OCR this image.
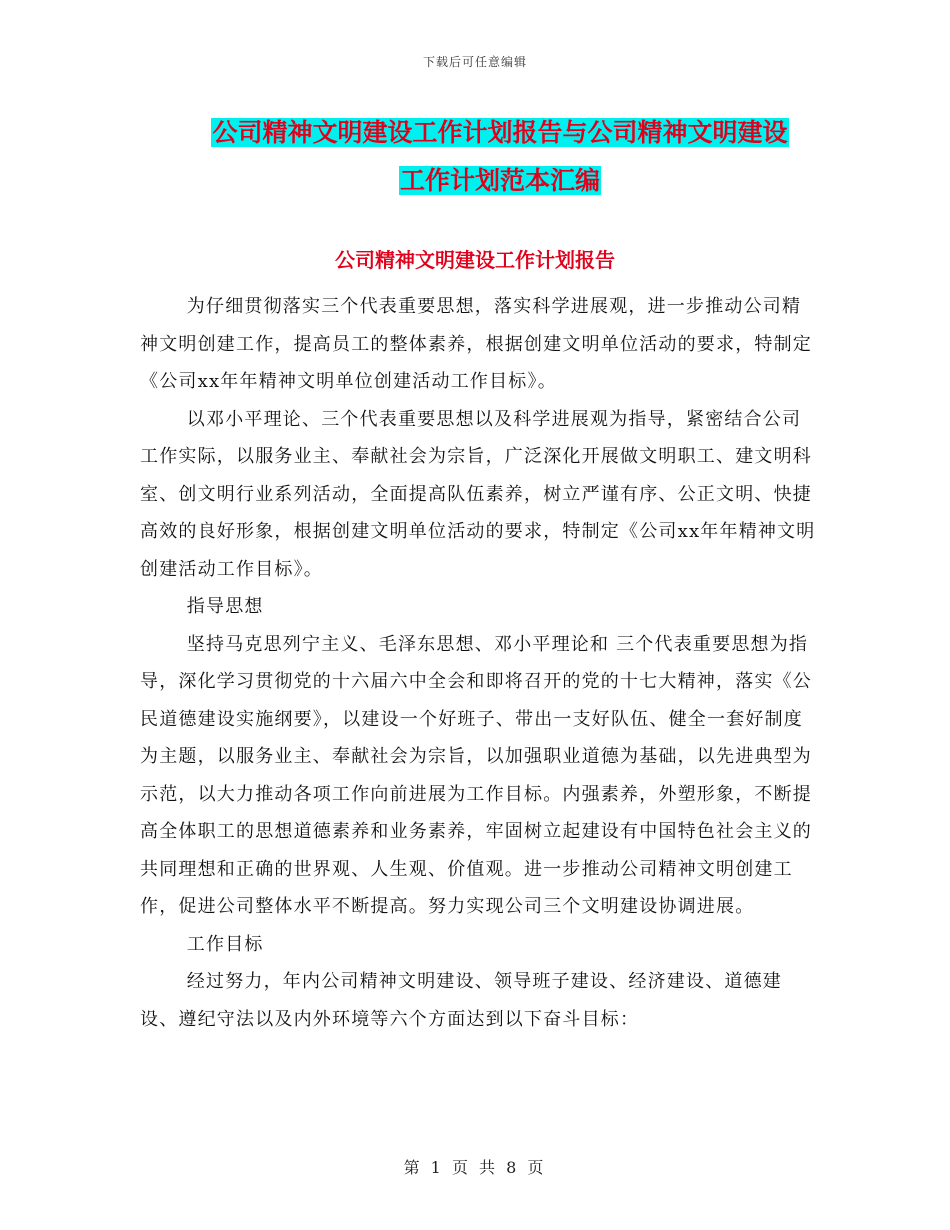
下载后可任意编辑
公司精神文明建设工作计划报告与公司精神文明建设
工作计划范本汇编
公司精神文明建设工作计划报告

为仔细贯彻落实三个代表重要思想，落实科学进展观，进一步推动公司精神文明创建工作，提高员工的整体素养，根据创建文明单位活动的要求，特制定《公司xx年年精神文明单位创建活动工作目标》。

以邓小平理论、三个代表重要思想以及科学进展观为指导，紧密结合公司工作实际，以服务业主、奉献社会为宗旨，广泛深化开展做文明职工、建文明科室、创文明行业系列活动，全面提高队伍素养，树立严谨有序、公正文明、快捷高效的良好形象，根据创建文明单位活动的要求，特制定《公司xx年年精神文明创建活动工作目标》。

指导思想

坚持马克思列宁主义、毛泽东思想、邓小平理论和 三个代表重要思想为指导，深化学习贯彻党的十六届六中全会和即将召开的党的十七大精神，落实《公民道德建设实施纲要》，以建设一个好班子、带出一支好队伍、健全一套好制度为主题，以服务业主、奉献社会为宗旨，以加强职业道德为基础，以先进典型为示范，以大力推动各项工作向前进展为工作目标。内强素养，外塑形象，不断提高全体职工的思想道德素养和业务素养，牢固树立起建设有中国特色社会主义的共同理想和正确的世界观、人生观、价值观。进一步推动公司精神文明创建工作，促进公司整体水平不断提高。努力实现公司三个文明建设协调进展。

工作目标

经过努力，年内公司精神文明建设、领导班子建设、经济建设、道德建设、遵纪守法以及内外环境等六个方面达到以下奋斗目标：

第 1 页 共 8 页
